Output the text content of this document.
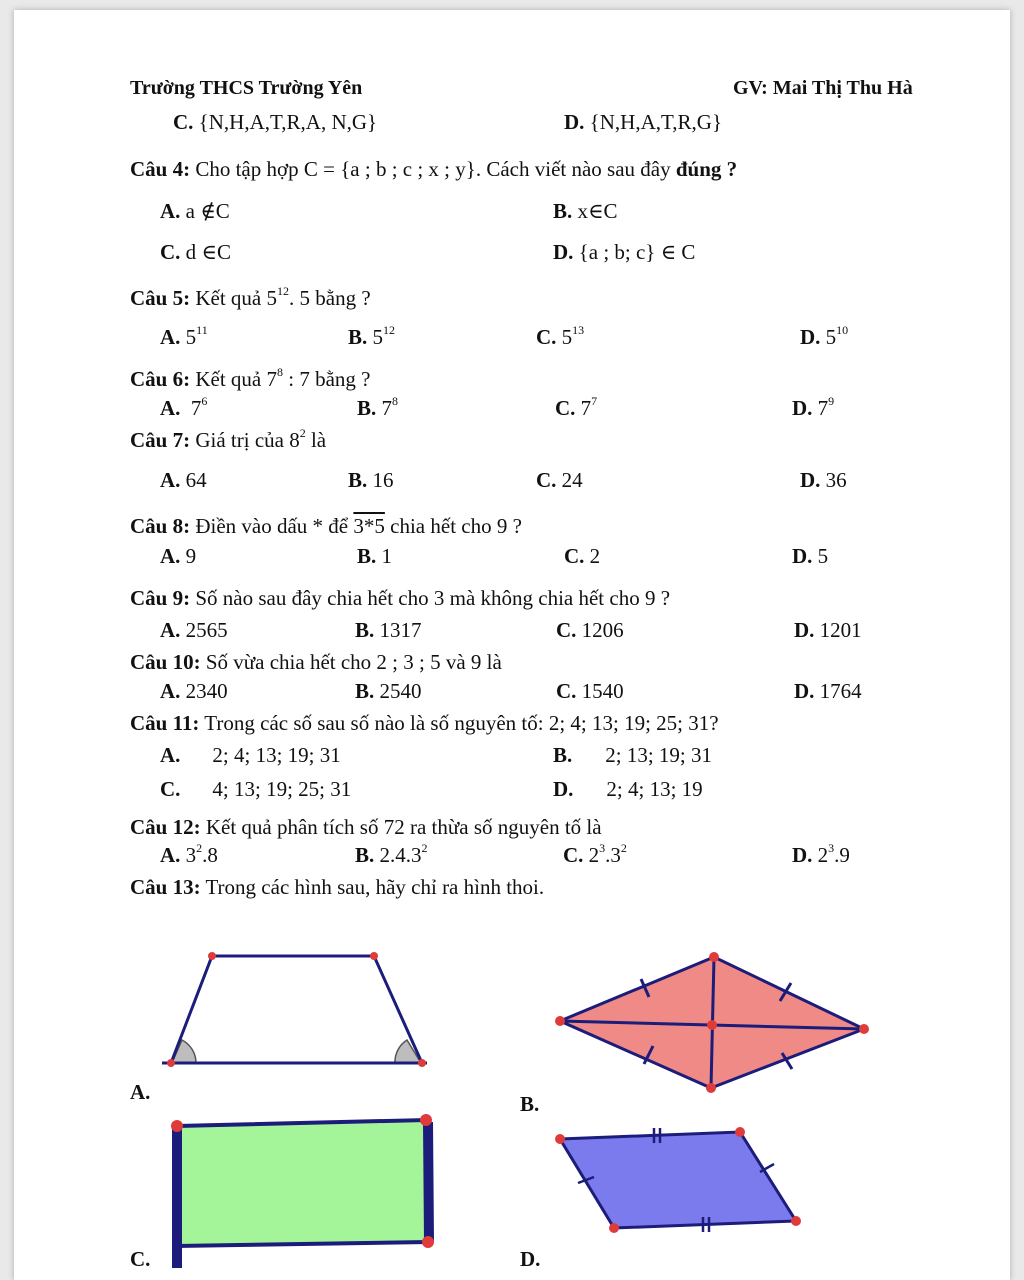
Trường THCS Trường Yên	GV: Mai Thị Thu Hà
C. {N,H,A,T,R,A, N,G}	D. {N,H,A,T,R,G}
Câu 4: Cho tập hợp C = {a ; b ; c ; x ; y}. Cách viết nào sau đây đúng ?
A. a ∉C	B. x∈C
C. d ∈C	D. {a ; b; c} ∈ C
Câu 5: Kết quả $5^{12}$. 5 bằng ?
A. $5^{11}$	B. $5^{12}$	C. $5^{13}$	D. $5^{10}$
Câu 6: Kết quả $7^8$ : 7 bằng ?
A. $7^6$	B. $7^8$	C. $7^7$	D. $7^9$
Câu 7: Giá trị của $8^2$ là
A. 64	B. 16	C. 24	D. 36
Câu 8: Điền vào dấu * để 3*5 chia hết cho 9 ?
A. 9	B. 1	C. 2	D. 5
Câu 9: Số nào sau đây chia hết cho 3 mà không chia hết cho 9 ?
A. 2565	B. 1317	C. 1206	D. 1201
Câu 10: Số vừa chia hết cho 2 ; 3 ; 5 và 9 là
A. 2340	B. 2540	C. 1540	D. 1764
Câu 11: Trong các số sau số nào là số nguyên tố: 2; 4; 13; 19; 25; 31?
A. 2; 4; 13; 19; 31	B. 2; 13; 19; 31
C. 4; 13; 19; 25; 31	D. 2; 4; 13; 19
Câu 12: Kết quả phân tích số 72 ra thừa số nguyên tố là
A. $3^2.8$	B. 2.4.3$^2$	C. $2^3.3^2$	D. $2^3.9$
Câu 13: Trong các hình sau, hãy chỉ ra hình thoi.
A.	B.
C.	D.
